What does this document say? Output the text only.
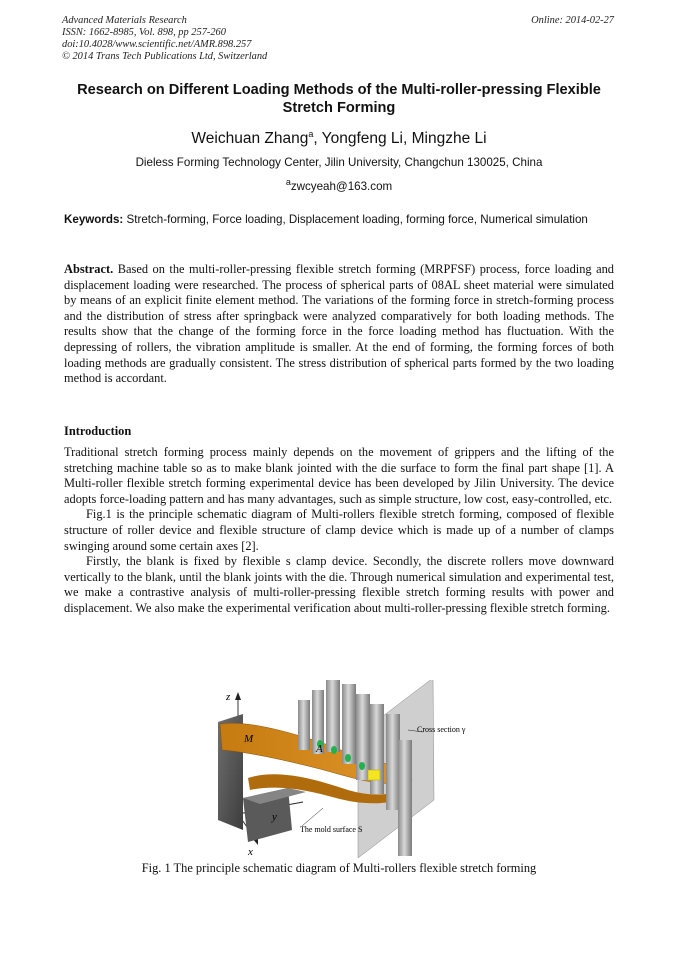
Advanced Materials Research
ISSN: 1662-8985, Vol. 898, pp 257-260
doi:10.4028/www.scientific.net/AMR.898.257
© 2014 Trans Tech Publications Ltd, Switzerland
Online: 2014-02-27
Research on Different Loading Methods of the Multi-roller-pressing Flexible Stretch Forming
Weichuan Zhang$^a$, Yongfeng Li, Mingzhe Li
Dieless Forming Technology Center, Jilin University, Changchun 130025, China
$^a$zwcyeah@163.com
Keywords: Stretch-forming, Force loading, Displacement loading, forming force, Numerical simulation
Abstract. Based on the multi-roller-pressing flexible stretch forming (MRPFSF) process, force loading and displacement loading were researched. The process of spherical parts of 08AL sheet material were simulated by means of an explicit finite element method. The variations of the forming force in stretch-forming process and the distribution of stress after springback were analyzed comparatively for both loading methods. The results show that the change of the forming force in the force loading method has fluctuation. With the depressing of rollers, the vibration amplitude is smaller. At the end of forming, the forming forces of both loading methods are gradually consistent. The stress distribution of spherical parts formed by the two loading method is accordant.
Introduction

Traditional stretch forming process mainly depends on the movement of grippers and the lifting of the stretching machine table so as to make blank jointed with the die surface to form the final part shape [1]. A Multi-roller flexible stretch forming experimental device has been developed by Jilin University. The device adopts force-loading pattern and has many advantages, such as simple structure, low cost, easy-controlled, etc.

Fig.1 is the principle schematic diagram of Multi-rollers flexible stretch forming, composed of flexible structure of roller device and flexible structure of clamp device which is made up of a number of clamps swinging around some certain axes [2].

Firstly, the blank is fixed by flexible s clamp device. Secondly, the discrete rollers move downward vertically to the blank, until the blank joints with the die. Through numerical simulation and experimental test, we make a contrastive analysis of multi-roller-pressing flexible stretch forming results with power and displacement. We also make the experimental verification about multi-roller-pressing flexible stretch forming.

z
M
A
y
x
Cross section γ
The mold surface S
Fig. 1 The principle schematic diagram of Multi-rollers flexible stretch forming
